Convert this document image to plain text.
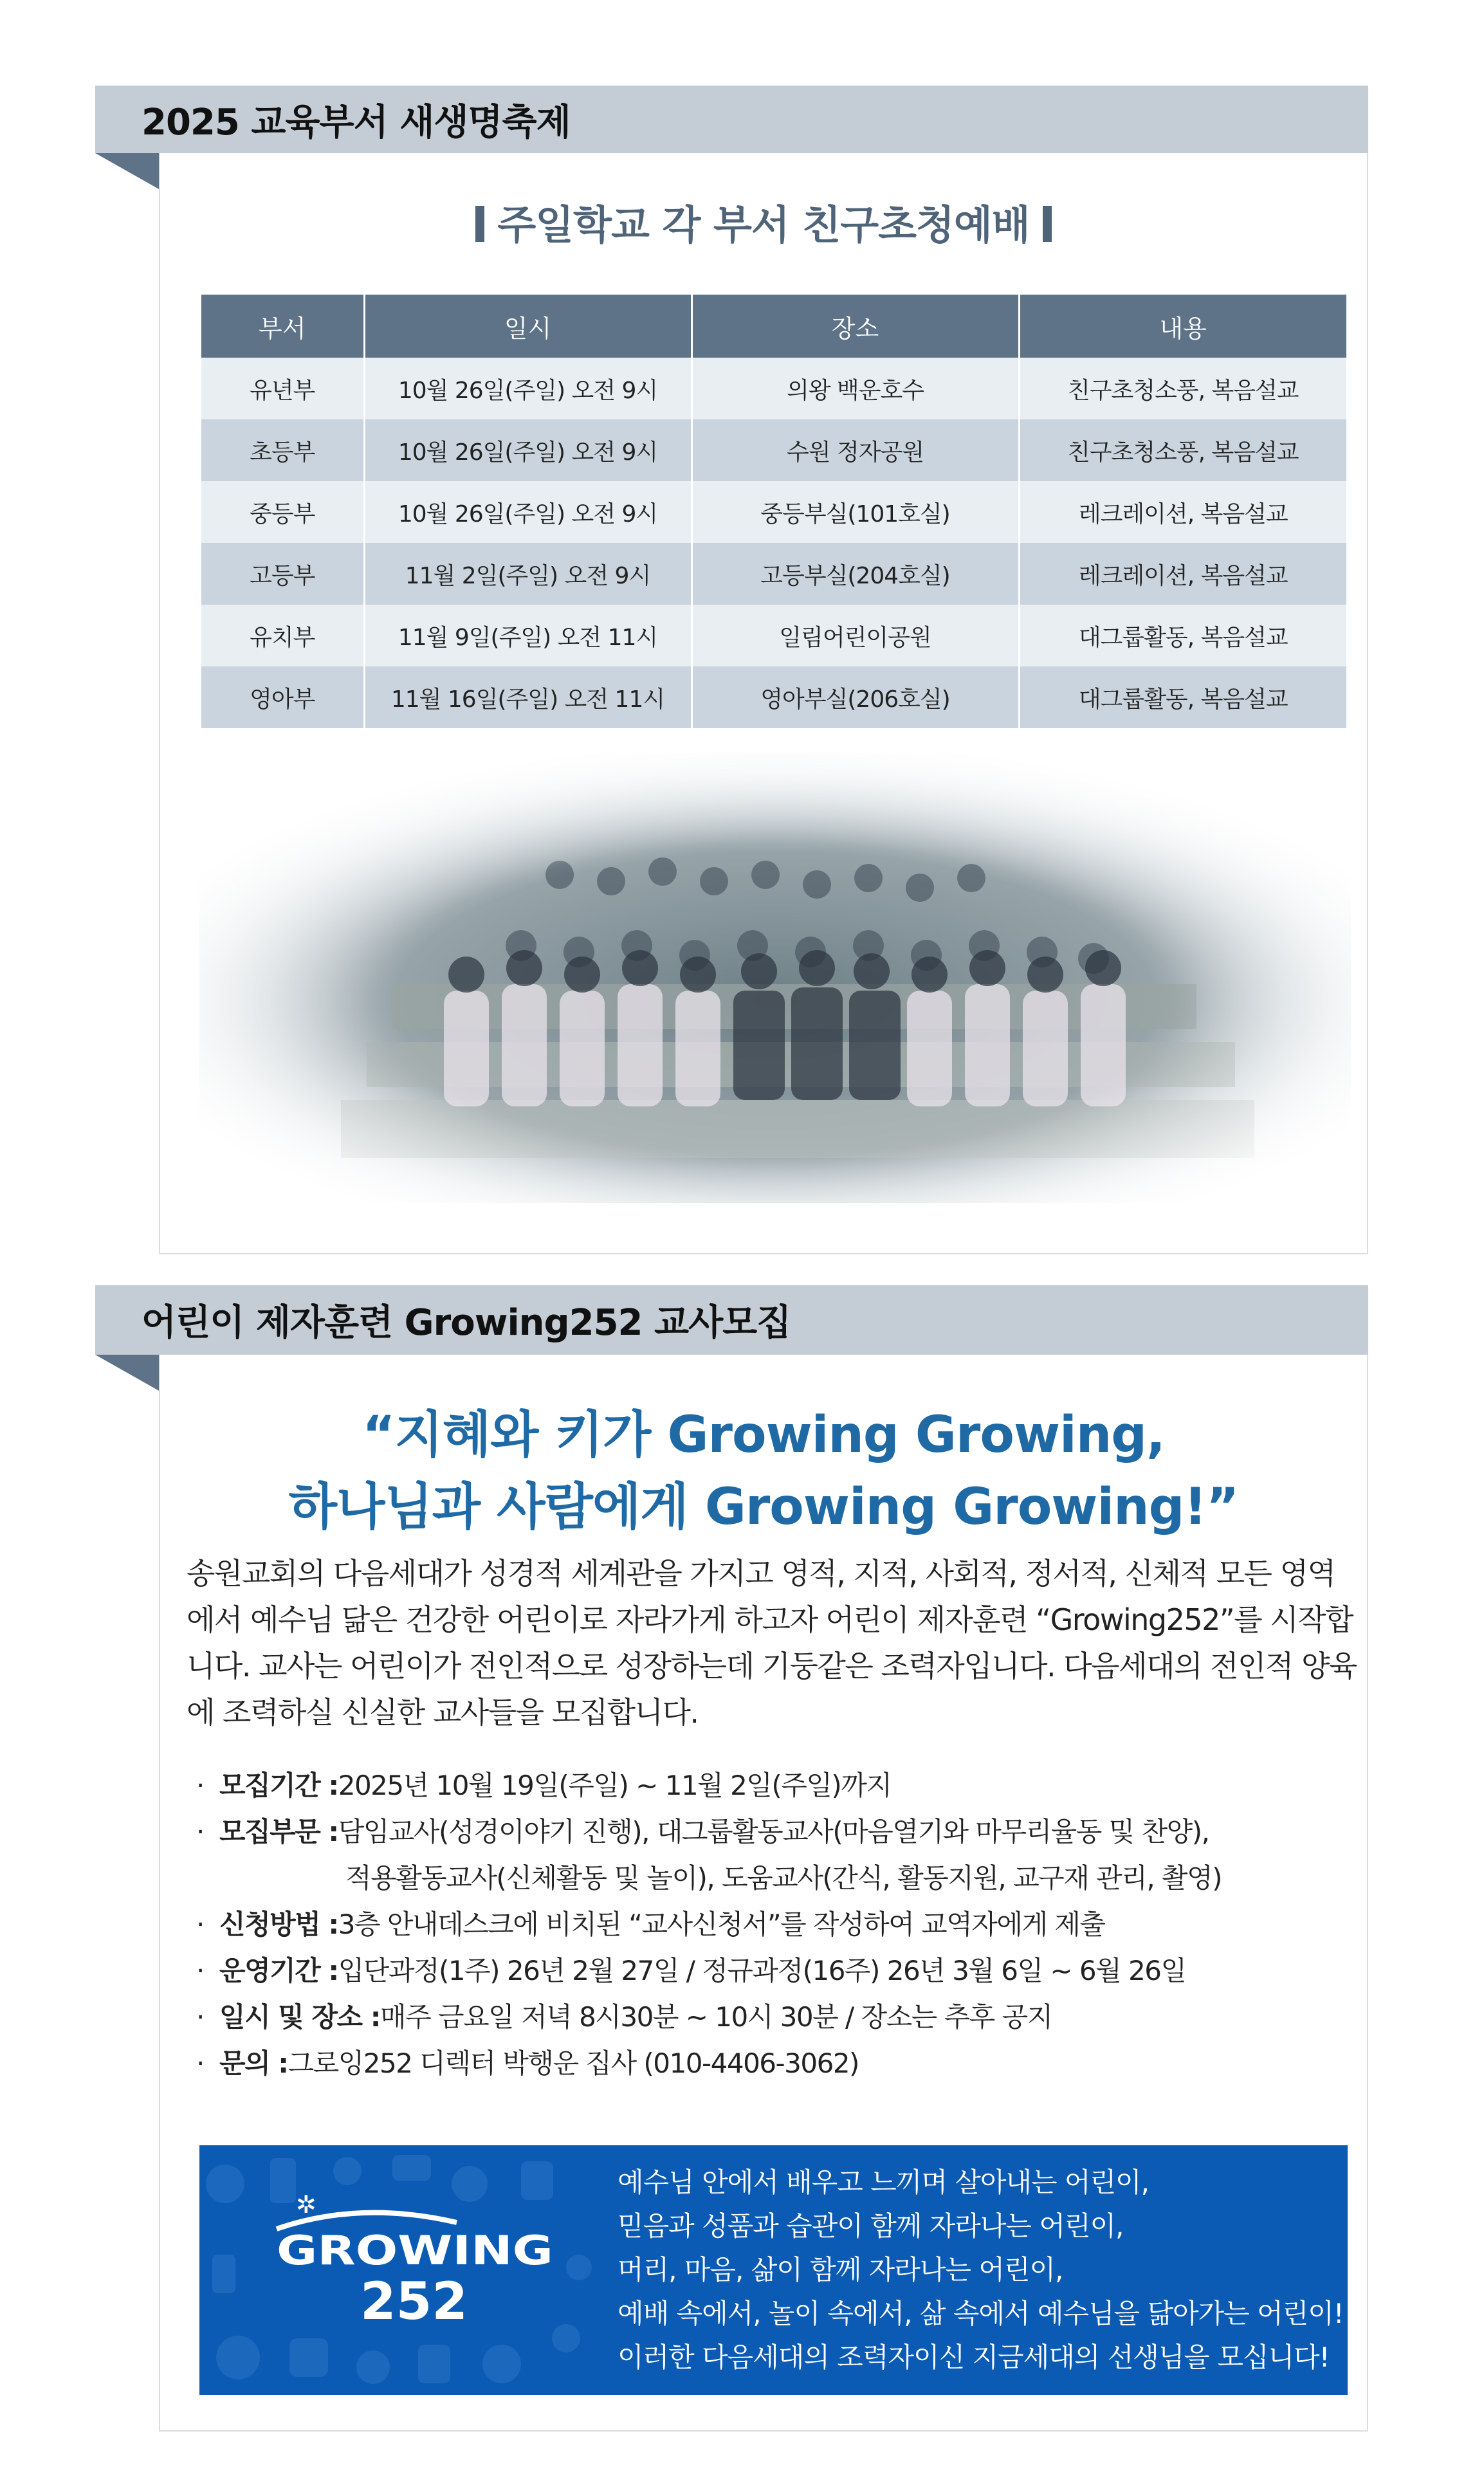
2025 교육부서 새생명축제
주일학교 각 부서 친구초청예배
부서	일시	장소	내용
유년부	10월 26일(주일) 오전 9시	의왕 백운호수	친구초청소풍, 복음설교
초등부	10월 26일(주일) 오전 9시	수원 정자공원	친구초청소풍, 복음설교
중등부	10월 26일(주일) 오전 9시	중등부실(101호실)	레크레이션, 복음설교
고등부	11월 2일(주일) 오전 9시	고등부실(204호실)	레크레이션, 복음설교
유치부	11월 9일(주일) 오전 11시	일림어린이공원	대그룹활동, 복음설교
영아부	11월 16일(주일) 오전 11시	영아부실(206호실)	대그룹활동, 복음설교
어린이 제자훈련 Growing252 교사모집
“지혜와 키가 Growing Growing,
하나님과 사람에게 Growing Growing!”

송원교회의 다음세대가 성경적 세계관을 가지고 영적, 지적, 사회적, 정서적, 신체적 모든 영역에서 예수님 닮은 건강한 어린이로 자라가게 하고자 어린이 제자훈련 “Growing252”를 시작합니다. 교사는 어린이가 전인적으로 성장하는데 기둥같은 조력자입니다. 다음세대의 전인적 양육에 조력하실 신실한 교사들을 모집합니다.

· 모집기간 : 2025년 10월 19일(주일) ~ 11월 2일(주일)까지
· 모집부문 : 담임교사(성경이야기 진행), 대그룹활동교사(마음열기와 마무리율동 및 찬양),
적용활동교사(신체활동 및 놀이), 도움교사(간식, 활동지원, 교구재 관리, 촬영)
· 신청방법 : 3층 안내데스크에 비치된 “교사신청서”를 작성하여 교역자에게 제출
· 운영기간 : 입단과정(1주) 26년 2월 27일 / 정규과정(16주) 26년 3월 6일 ~ 6월 26일
· 일시 및 장소 : 매주 금요일 저녁 8시30분 ~ 10시 30분 / 장소는 추후 공지
· 문의 : 그로잉252 디렉터 박행운 집사 (010-4406-3062)
✲
GROWING
252
예수님 안에서 배우고 느끼며 살아내는 어린이,
믿음과 성품과 습관이 함께 자라나는 어린이,
머리, 마음, 삶이 함께 자라나는 어린이,
예배 속에서, 놀이 속에서, 삶 속에서 예수님을 닮아가는 어린이!
이러한 다음세대의 조력자이신 지금세대의 선생님을 모십니다!
